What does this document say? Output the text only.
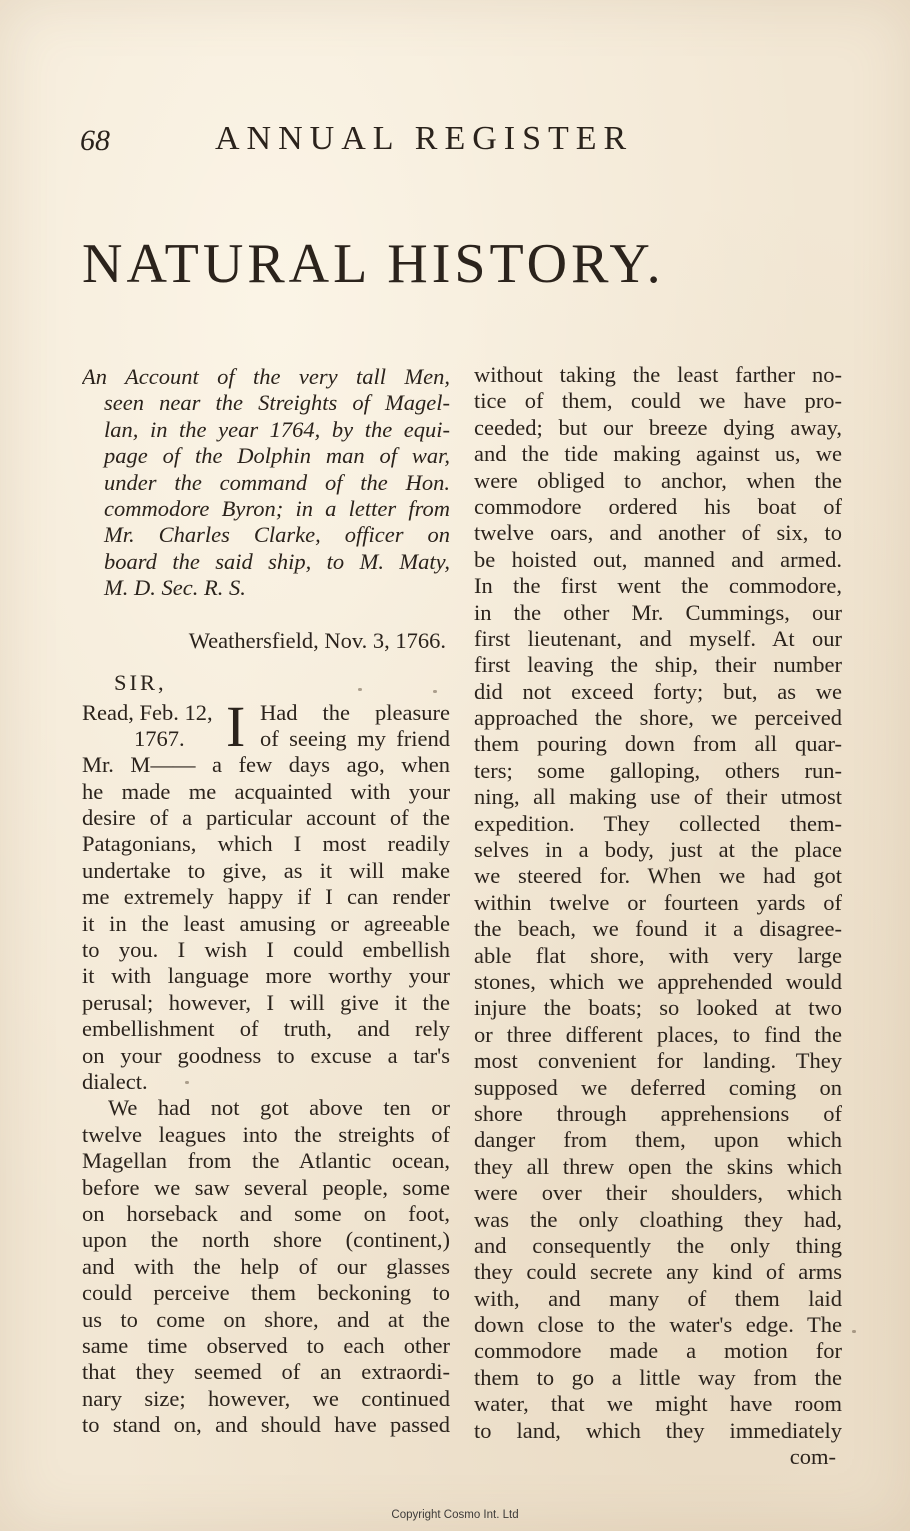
68	ANNUAL REGISTER
NATURAL HISTORY.
An Account of the very tall Men,
seen near the Streights of Magel-
lan, in the year 1764, by the equi-
page of the Dolphin man of war,
under the command of the Hon.
commodore Byron; in a letter from
Mr. Charles Clarke, officer on
board the said ship, to M. Maty,
M. D. Sec. R. S.
Weathersfield, Nov. 3, 1766.
SIR,
Read, Feb. 12,
1767. I Had the pleasure
of seeing my friend
Mr. M—— a few days ago, when
he made me acquainted with your
desire of a particular account of the
Patagonians, which I most readily
undertake to give, as it will make
me extremely happy if I can render
it in the least amusing or agreeable
to you. I wish I could embellish
it with language more worthy your
perusal; however, I will give it the
embellishment of truth, and rely
on your goodness to excuse a tar's
dialect.
We had not got above ten or
twelve leagues into the streights of
Magellan from the Atlantic ocean,
before we saw several people, some
on horseback and some on foot,
upon the north shore (continent,)
and with the help of our glasses
could perceive them beckoning to
us to come on shore, and at the
same time observed to each other
that they seemed of an extraordi-
nary size; however, we continued
to stand on, and should have passed
without taking the least farther no-
tice of them, could we have pro-
ceeded; but our breeze dying away,
and the tide making against us, we
were obliged to anchor, when the
commodore ordered his boat of
twelve oars, and another of six, to
be hoisted out, manned and armed.
In the first went the commodore,
in the other Mr. Cummings, our
first lieutenant, and myself. At our
first leaving the ship, their number
did not exceed forty; but, as we
approached the shore, we perceived
them pouring down from all quar-
ters; some galloping, others run-
ning, all making use of their utmost
expedition. They collected them-
selves in a body, just at the place
we steered for. When we had got
within twelve or fourteen yards of
the beach, we found it a disagree-
able flat shore, with very large
stones, which we apprehended would
injure the boats; so looked at two
or three different places, to find the
most convenient for landing. They
supposed we deferred coming on
shore through apprehensions of
danger from them, upon which
they all threw open the skins which
were over their shoulders, which
was the only cloathing they had,
and consequently the only thing
they could secrete any kind of arms
with, and many of them laid
down close to the water's edge. The
commodore made a motion for
them to go a little way from the
water, that we might have room
to land, which they immediately
com-
Copyright Cosmo Int. Ltd
